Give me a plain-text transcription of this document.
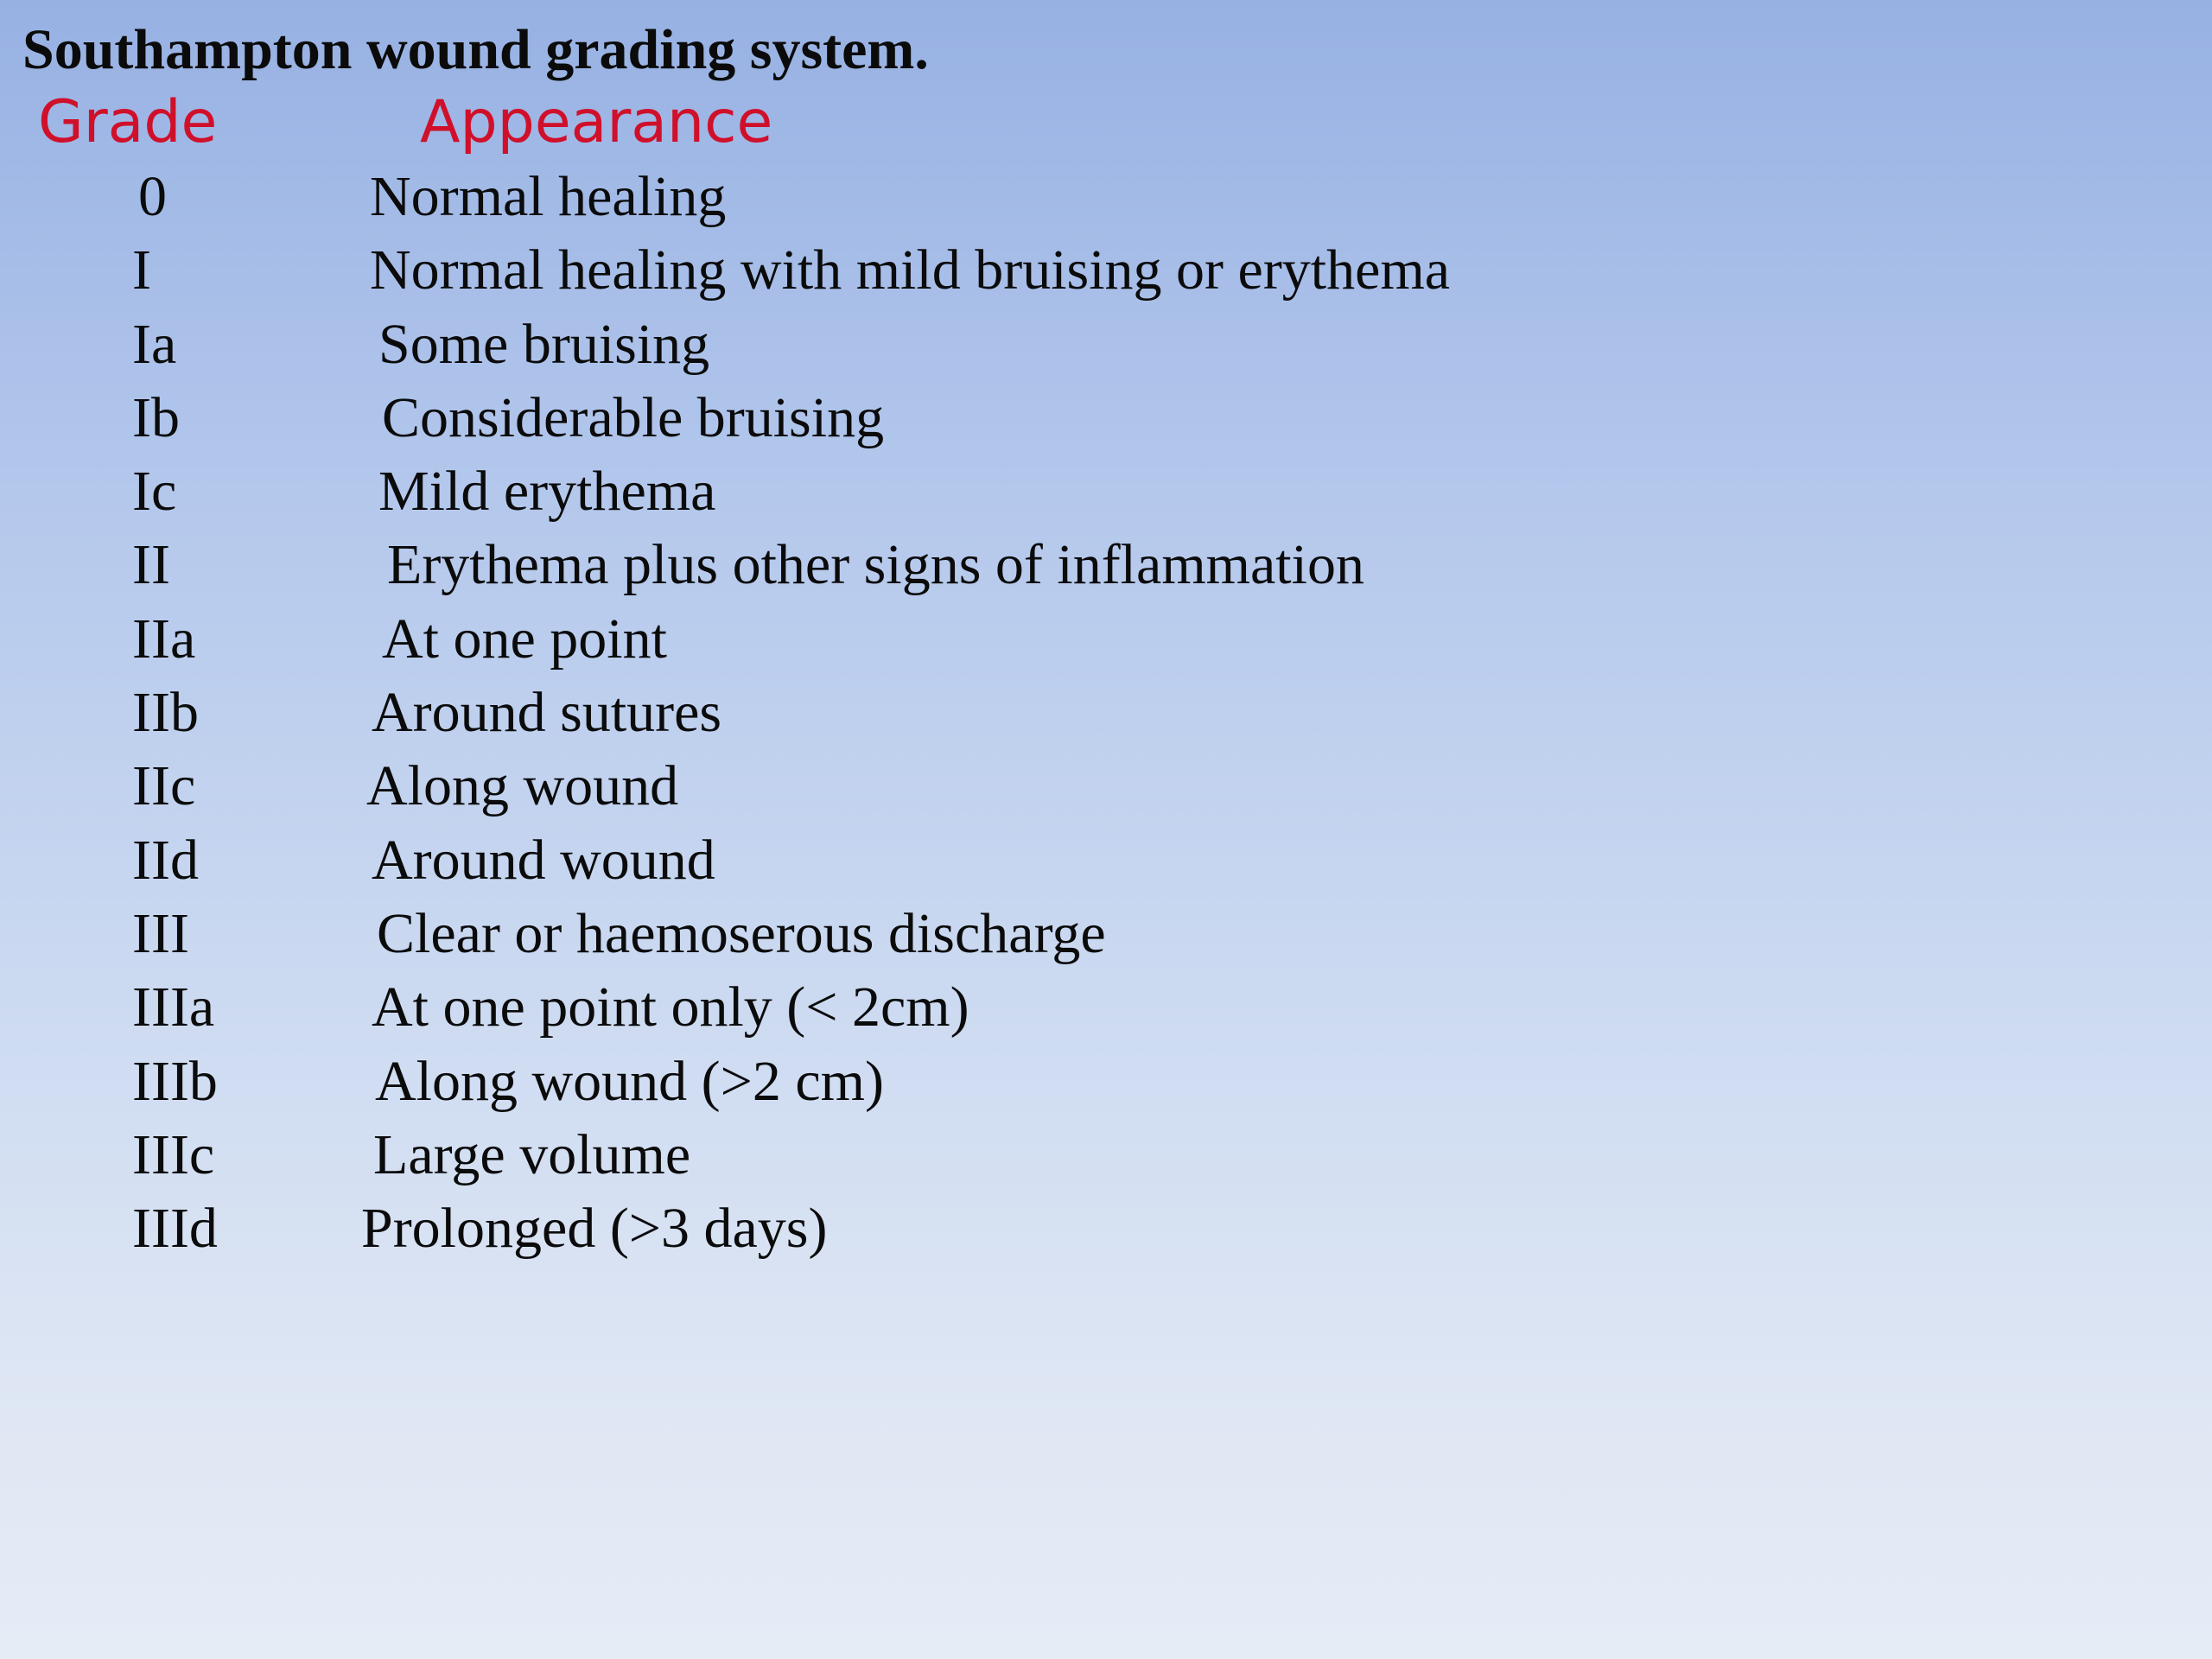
Southampton wound grading system.
Grade	Appearance
0	Normal healing
I	Normal healing with mild bruising or erythema
Ia	Some bruising
Ib	Considerable bruising
Ic	Mild erythema
II	Erythema plus other signs of inflammation
IIa	At one point
IIb	Around sutures
IIc	Along wound
IId	Around wound
III	Clear or haemoserous discharge
IIIa	At one point only (< 2cm)
IIIb	Along wound (>2 cm)
IIIc	Large volume
IIId	Prolonged (>3 days)
